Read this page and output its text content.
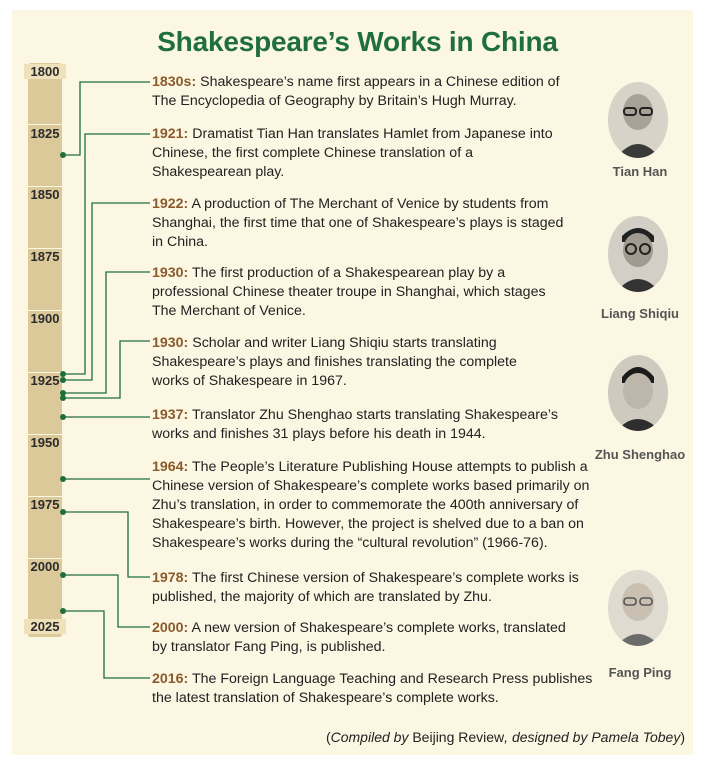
Shakespeare’s Works in China
1800
1825
1850
1875
1900
1925
1950
1975
2000
2025
1830s: Shakespeare’s name first appears in a Chinese edition of The Encyclopedia of Geography by Britain’s Hugh Murray.
1921: Dramatist Tian Han translates Hamlet from Japanese into Chinese, the first complete Chinese translation of a Shakespearean play.
1922: A production of The Merchant of Venice by students from Shanghai, the first time that one of Shakespeare’s plays is staged in China.
1930: The first production of a Shakespearean play by a professional Chinese theater troupe in Shanghai, which stages The Merchant of Venice.
1930: Scholar and writer Liang Shiqiu starts translating Shakespeare’s plays and finishes translating the complete works of Shakespeare in 1967.
1937: Translator Zhu Shenghao starts translating Shakespeare’s works and finishes 31 plays before his death in 1944.
1964: The People’s Literature Publishing House attempts to publish a Chinese version of Shakespeare’s complete works based primarily on Zhu’s translation, in order to commemorate the 400th anniversary of Shakespeare’s birth. However, the project is shelved due to a ban on Shakespeare’s works during the “cultural revolution” (1966-76).
1978: The first Chinese version of Shakespeare’s complete works is published, the majority of which are translated by Zhu.
2000: A new version of Shakespeare’s complete works, translated by translator Fang Ping, is published.
2016: The Foreign Language Teaching and Research Press publishes the latest translation of Shakespeare’s complete works.
Tian Han
Liang Shiqiu
Zhu Shenghao
Fang Ping
(Compiled by Beijing Review, designed by Pamela Tobey)
